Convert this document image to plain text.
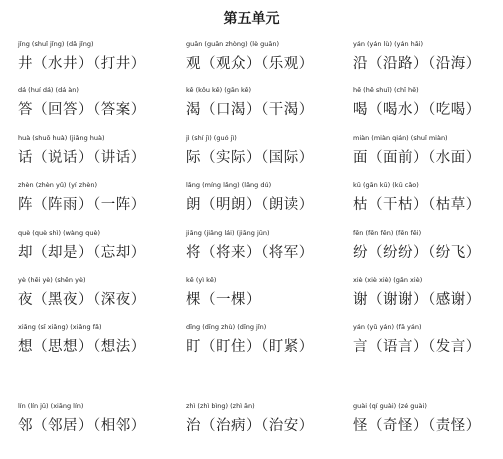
第五单元
jǐng (shuǐ jǐng) (dǎ jǐng)
井（水井）（打井）
guān (guān zhòng) (lè guān)
观（观众）（乐观）
yán (yán lù) (yán hǎi)
沿（沿路）（沿海）
dá (huí dá) (dá àn)
答（回答）（答案）
kě (kǒu kě) (gān kě)
渴（口渴）（干渴）
hē (hē shuǐ) (chī hē)
喝（喝水）（吃喝）
huà (shuō huà) (jiǎng huà)
话（说话）（讲话）
jì (shí jì) (guó jì)
际（实际）（国际）
miàn (miàn qián) (shuǐ miàn)
面（面前）（水面）
zhèn (zhèn yǔ) (yí zhèn)
阵（阵雨）（一阵）
lǎng (míng lǎng) (lǎng dú)
朗（明朗）（朗读）
kū (gān kū) (kū cǎo)
枯（干枯）（枯草）
què (què shì) (wàng què)
却（却是）（忘却）
jiāng (jiāng lái) (jiāng jūn)
将（将来）（将军）
fēn (fēn fēn) (fēn fēi)
纷（纷纷）（纷飞）
yè (hēi yè) (shēn yè)
夜（黑夜）（深夜）
kē (yì kē)
棵（一棵）
xiè (xiè xiè) (gǎn xiè)
谢（谢谢）（感谢）
xiǎng (sī xiǎng) (xiǎng fǎ)
想（思想）（想法）
dīng (dīng zhù) (dīng jǐn)
盯（盯住）（盯紧）
yán (yǔ yán) (fā yán)
言（语言）（发言）
lín (lín jū) (xiāng lín)
邻（邻居）（相邻）
zhì (zhì bìng) (zhì ān)
治（治病）（治安）
guài (qí guài) (zé guài)
怪（奇怪）（责怪）
